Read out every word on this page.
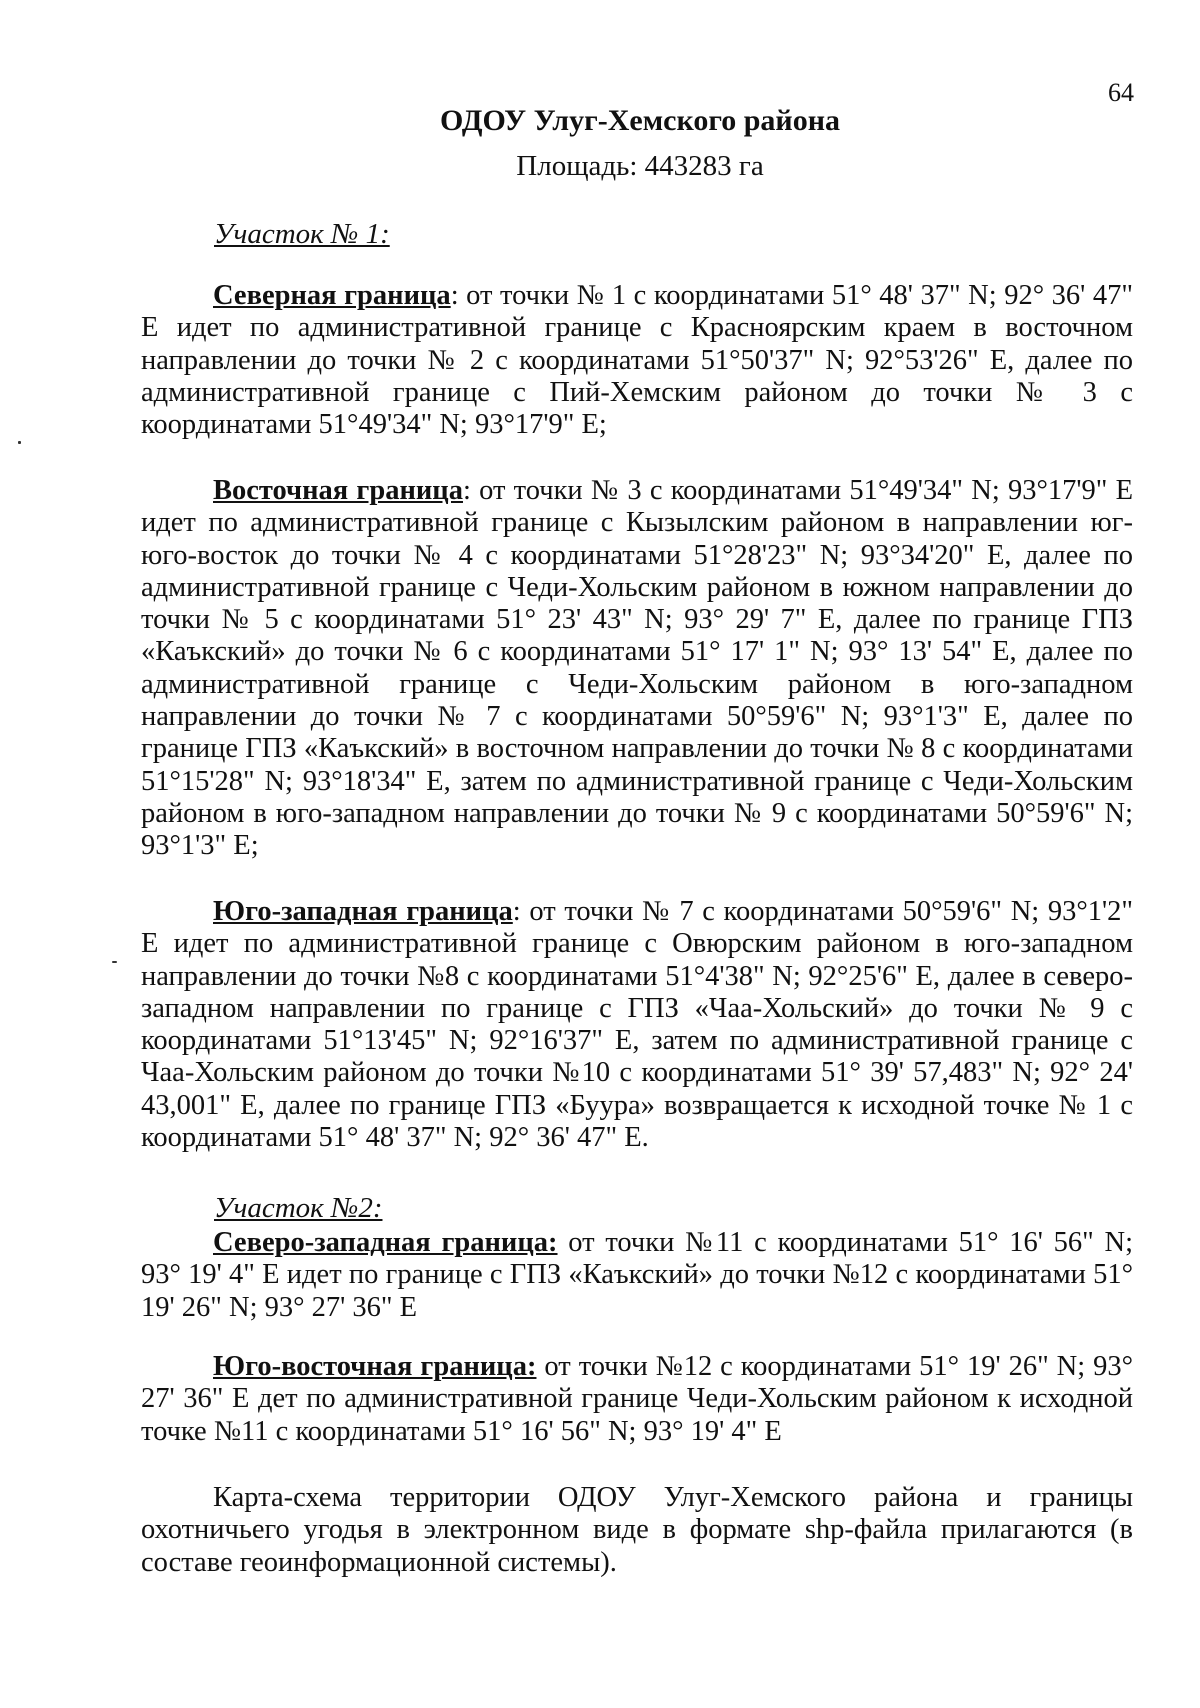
64
ОДОУ Улуг-Хемского района
Площадь: 443283 га
Участок № 1:

Северная граница: от точки № 1 с координатами 51° 48' 37" N; 92° 36' 47" E идет по административной границе с Красноярским краем в восточном направлении до точки № 2 с координатами 51°50'37" N; 92°53'26" E, далее по административной границе с Пий-Хемским районом до точки № 3 с координатами 51°49'34" N; 93°17'9" E;

Восточная граница: от точки № 3 с координатами 51°49'34" N; 93°17'9" E идет по административной границе с Кызылским районом в направлении юг-юго-восток до точки № 4 с координатами 51°28'23" N; 93°34'20" E, далее по административной границе с Чеди-Хольским районом в южном направлении до точки № 5 с координатами 51° 23' 43" N; 93° 29' 7" E, далее по границе ГПЗ «Каъкский» до точки № 6 с координатами 51° 17' 1" N; 93° 13' 54" E, далее по административной границе с Чеди-Хольским районом в юго-западном направлении до точки № 7 с координатами 50°59'6" N; 93°1'3" E, далее по границе ГПЗ «Каъкский» в восточном направлении до точки № 8 с координатами 51°15'28" N; 93°18'34" E, затем по административной границе с Чеди-Хольским районом в юго-западном направлении до точки № 9 с координатами 50°59'6" N; 93°1'3" E;

Юго-западная граница: от точки № 7 с координатами 50°59'6" N; 93°1'2" E идет по административной границе с Овюрским районом в юго-западном направлении до точки №8 с координатами 51°4'38" N; 92°25'6" E, далее в северо-западном направлении по границе с ГПЗ «Чаа-Хольский» до точки № 9 с координатами 51°13'45" N; 92°16'37" E, затем по административной границе с Чаа-Хольским районом до точки №10 с координатами 51° 39' 57,483" N; 92° 24' 43,001" E, далее по границе ГПЗ «Буура» возвращается к исходной точке № 1 с координатами 51° 48' 37" N; 92° 36' 47" E.

Участок №2:

Северо-западная граница: от точки №11 с координатами 51° 16' 56" N; 93° 19' 4" E идет по границе с ГПЗ «Каъкский» до точки №12 с координатами 51° 19' 26" N; 93° 27' 36" E

Юго-восточная граница: от точки №12 с координатами 51° 19' 26" N; 93° 27' 36" E дет по административной границе Чеди-Хольским районом к исходной точке №11 с координатами 51° 16' 56" N; 93° 19' 4" E

Карта-схема территории ОДОУ Улуг-Хемского района и границы охотничьего угодья в электронном виде в формате shp-файла прилагаются (в составе геоинформационной системы).
